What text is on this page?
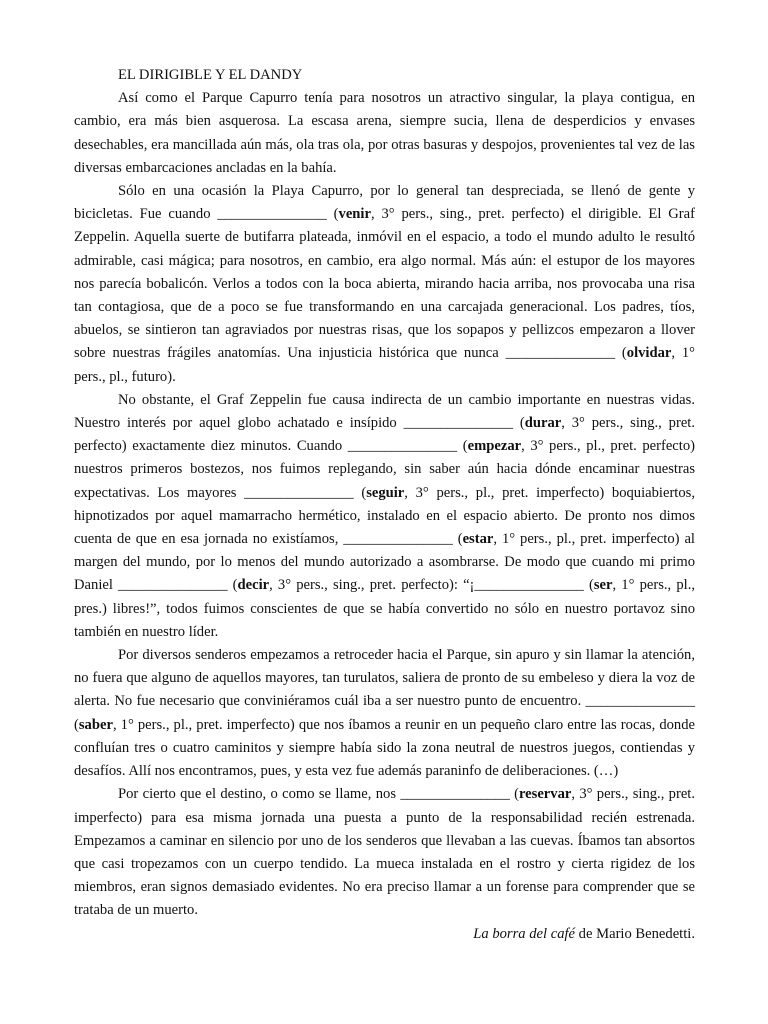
EL DIRIGIBLE Y EL DANDY

Así como el Parque Capurro tenía para nosotros un atractivo singular, la playa contigua, en cambio, era más bien asquerosa. La escasa arena, siempre sucia, llena de desperdicios y envases desechables, era mancillada aún más, ola tras ola, por otras basuras y despojos, provenientes tal vez de las diversas embarcaciones ancladas en la bahía.

Sólo en una ocasión la Playa Capurro, por lo general tan despreciada, se llenó de gente y bicicletas. Fue cuando _______________ (venir, 3° pers., sing., pret. perfecto) el dirigible. El Graf Zeppelin. Aquella suerte de butifarra plateada, inmóvil en el espacio, a todo el mundo adulto le resultó admirable, casi mágica; para nosotros, en cambio, era algo normal. Más aún: el estupor de los mayores nos parecía bobalicón. Verlos a todos con la boca abierta, mirando hacia arriba, nos provocaba una risa tan contagiosa, que de a poco se fue transformando en una carcajada generacional. Los padres, tíos, abuelos, se sintieron tan agraviados por nuestras risas, que los sopapos y pellizcos empezaron a llover sobre nuestras frágiles anatomías. Una injusticia histórica que nunca _______________ (olvidar, 1° pers., pl., futuro).

No obstante, el Graf Zeppelin fue causa indirecta de un cambio importante en nuestras vidas. Nuestro interés por aquel globo achatado e insípido _______________ (durar, 3° pers., sing., pret. perfecto) exactamente diez minutos. Cuando _______________ (empezar, 3° pers., pl., pret. perfecto) nuestros primeros bostezos, nos fuimos replegando, sin saber aún hacia dónde encaminar nuestras expectativas. Los mayores _______________ (seguir, 3° pers., pl., pret. imperfecto) boquiabiertos, hipnotizados por aquel mamarracho hermético, instalado en el espacio abierto. De pronto nos dimos cuenta de que en esa jornada no existíamos, _______________ (estar, 1° pers., pl., pret. imperfecto) al margen del mundo, por lo menos del mundo autorizado a asombrarse. De modo que cuando mi primo Daniel _______________ (decir, 3° pers., sing., pret. perfecto): “¡_______________ (ser, 1° pers., pl., pres.) libres!”, todos fuimos conscientes de que se había convertido no sólo en nuestro portavoz sino también en nuestro líder.

Por diversos senderos empezamos a retroceder hacia el Parque, sin apuro y sin llamar la atención, no fuera que alguno de aquellos mayores, tan turulatos, saliera de pronto de su embeleso y diera la voz de alerta. No fue necesario que conviniéramos cuál iba a ser nuestro punto de encuentro. _______________ (saber, 1° pers., pl., pret. imperfecto) que nos íbamos a reunir en un pequeño claro entre las rocas, donde confluían tres o cuatro caminitos y siempre había sido la zona neutral de nuestros juegos, contiendas y desafíos. Allí nos encontramos, pues, y esta vez fue además paraninfo de deliberaciones. (…)

Por cierto que el destino, o como se llame, nos _______________ (reservar, 3° pers., sing., pret. imperfecto) para esa misma jornada una puesta a punto de la responsabilidad recién estrenada. Empezamos a caminar en silencio por uno de los senderos que llevaban a las cuevas. Íbamos tan absortos que casi tropezamos con un cuerpo tendido. La mueca instalada en el rostro y cierta rigidez de los miembros, eran signos demasiado evidentes. No era preciso llamar a un forense para comprender que se trataba de un muerto.

La borra del café de Mario Benedetti.
